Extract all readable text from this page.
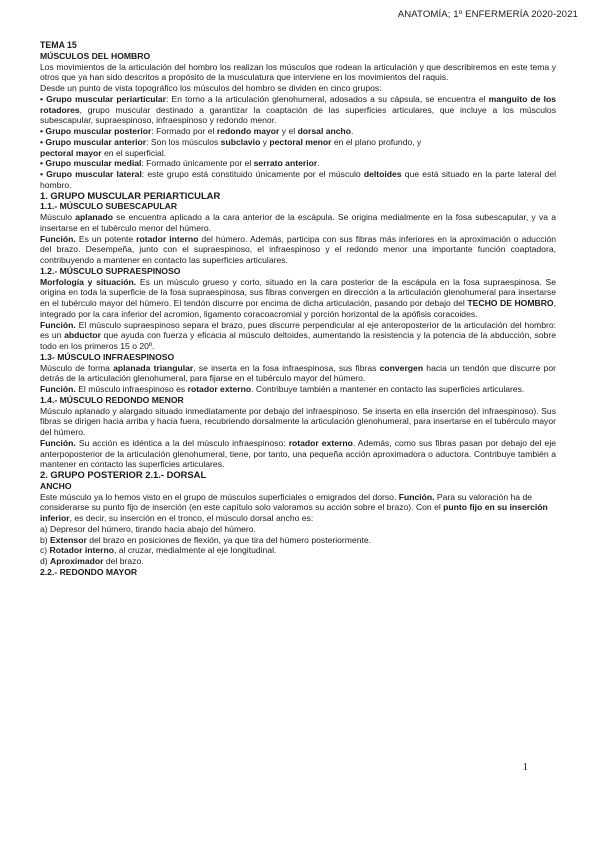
ANATOMÍA; 1º ENFERMERÍA 2020-2021

TEMA 15

MÚSCULOS DEL HOMBRO

Los movimientos de la articulación del hombro los realizan los músculos que rodean la articulación y que describiremos en este tema y otros que ya han sido descritos a propósito de la musculatura que interviene en los movimientos del raquis.

Desde un punto de vista topográfico los músculos del hombro se dividen en cinco grupos:

• Grupo muscular periarticular: En torno a la articulación glenohumeral, adosados a su cápsula, se encuentra el manguito de los rotadores, grupo muscular destinado a garantizar la coaptación de las superficies articulares, que incluye a los músculos subescapular, supraespinoso, infraespinoso y redondo menor.

• Grupo muscular posterior: Formado por el redondo mayor y el dorsal ancho.

• Grupo muscular anterior: Son los músculos subclavio y pectoral menor en el plano profundo, y
pectoral mayor en el superficial.

• Grupo muscular medial: Formado únicamente por el serrato anterior.

• Grupo muscular lateral: este grupo está constituido únicamente por el músculo deltoides que está situado en la parte lateral del hombro.

1. GRUPO MUSCULAR PERIARTICULAR

1.1.- MÚSCULO SUBESCAPULAR

Músculo aplanado se encuentra aplicado a la cara anterior de la escápula. Se origina medialmente en la fosa subescapular, y va a insertarse en el tubérculo menor del húmero.

Función. Es un potente rotador interno del húmero. Además, participa con sus fibras más inferiores en la aproximación o aducción del brazo. Desempeña, junto con el supraespinoso, el infraespinoso y el redondo menor una importante función coaptadora, contribuyendo a mantener en contacto las superficies articulares.

1.2.- MÚSCULO SUPRAESPINOSO

Morfología y situación. Es un músculo grueso y corto, situado en la cara posterior de la escápula en la fosa supraespinosa. Se origina en toda la superficie de la fosa supraespinosa, sus fibras convergen en dirección a la articulación glenohumeral para insertarse en el tubérculo mayor del húmero. El tendón discurre por encima de dicha articulación, pasando por debajo del TECHO DE HOMBRO, integrado por la cara inferior del acromion, ligamento coracoacromial y porción horizontal de la apófisis coracoides.

Función. El músculo supraespinoso separa el brazo, pues discurre perpendicular al eje anteroposterior de la articulación del hombro: es un abductor que ayuda con fuerza y eficacia al músculo deltoides, aumentando la resistencia y la potencia de la abducción, sobre todo en los primeros 15 o 20º.

1.3- MÚSCULO INFRAESPINOSO

Músculo de forma aplanada triangular, se inserta en la fosa infraespinosa, sus fibras convergen hacia un tendón que discurre por detrás de la articulación glenohumeral, para fijarse en el tubérculo mayor del húmero.

Función. El músculo infraespinoso es rotador externo. Contribuye también a mantener en contacto las superficies articulares.

1.4.- MÚSCULO REDONDO MENOR

Músculo aplanado y alargado situado inmediatamente por debajo del infraespinoso. Se inserta en ella inserción del infraespinoso). Sus fibras se dirigen hacia arriba y hacia fuera, recubriendo dorsalmente la articulación glenohumeral, para insertarse en el tubérculo mayor del húmero.

Función. Su acción es idéntica a la del músculo infraespinoso: rotador externo. Además, como sus fibras pasan por debajo del eje anterpoposterior de la articulación glenohumeral, tiene, por tanto, una pequeña acción aproximadora o aductora. Contribuye también a mantener en contacto las superficies articulares.

2. GRUPO POSTERIOR 2.1.- DORSAL

ANCHO

Este músculo ya lo hemos visto en el grupo de músculos superficiales o emigrados del dorso. Función. Para su valoración ha de considerarse su punto fijo de inserción (en este capítulo solo valoramos su acción sobre el brazo). Con el punto fijo en su inserción inferior, es decir, su inserción en el tronco, el músculo dorsal ancho es:

a) Depresor del húmero, tirando hacia abajo del húmero.

b) Extensor del brazo en posiciones de flexión, ya que tira del húmero posteriormente.

c) Rotador interno, al cruzar, medialmente al eje longitudinal.

d) Aproximador del brazo.

2.2.- REDONDO MAYOR

1
